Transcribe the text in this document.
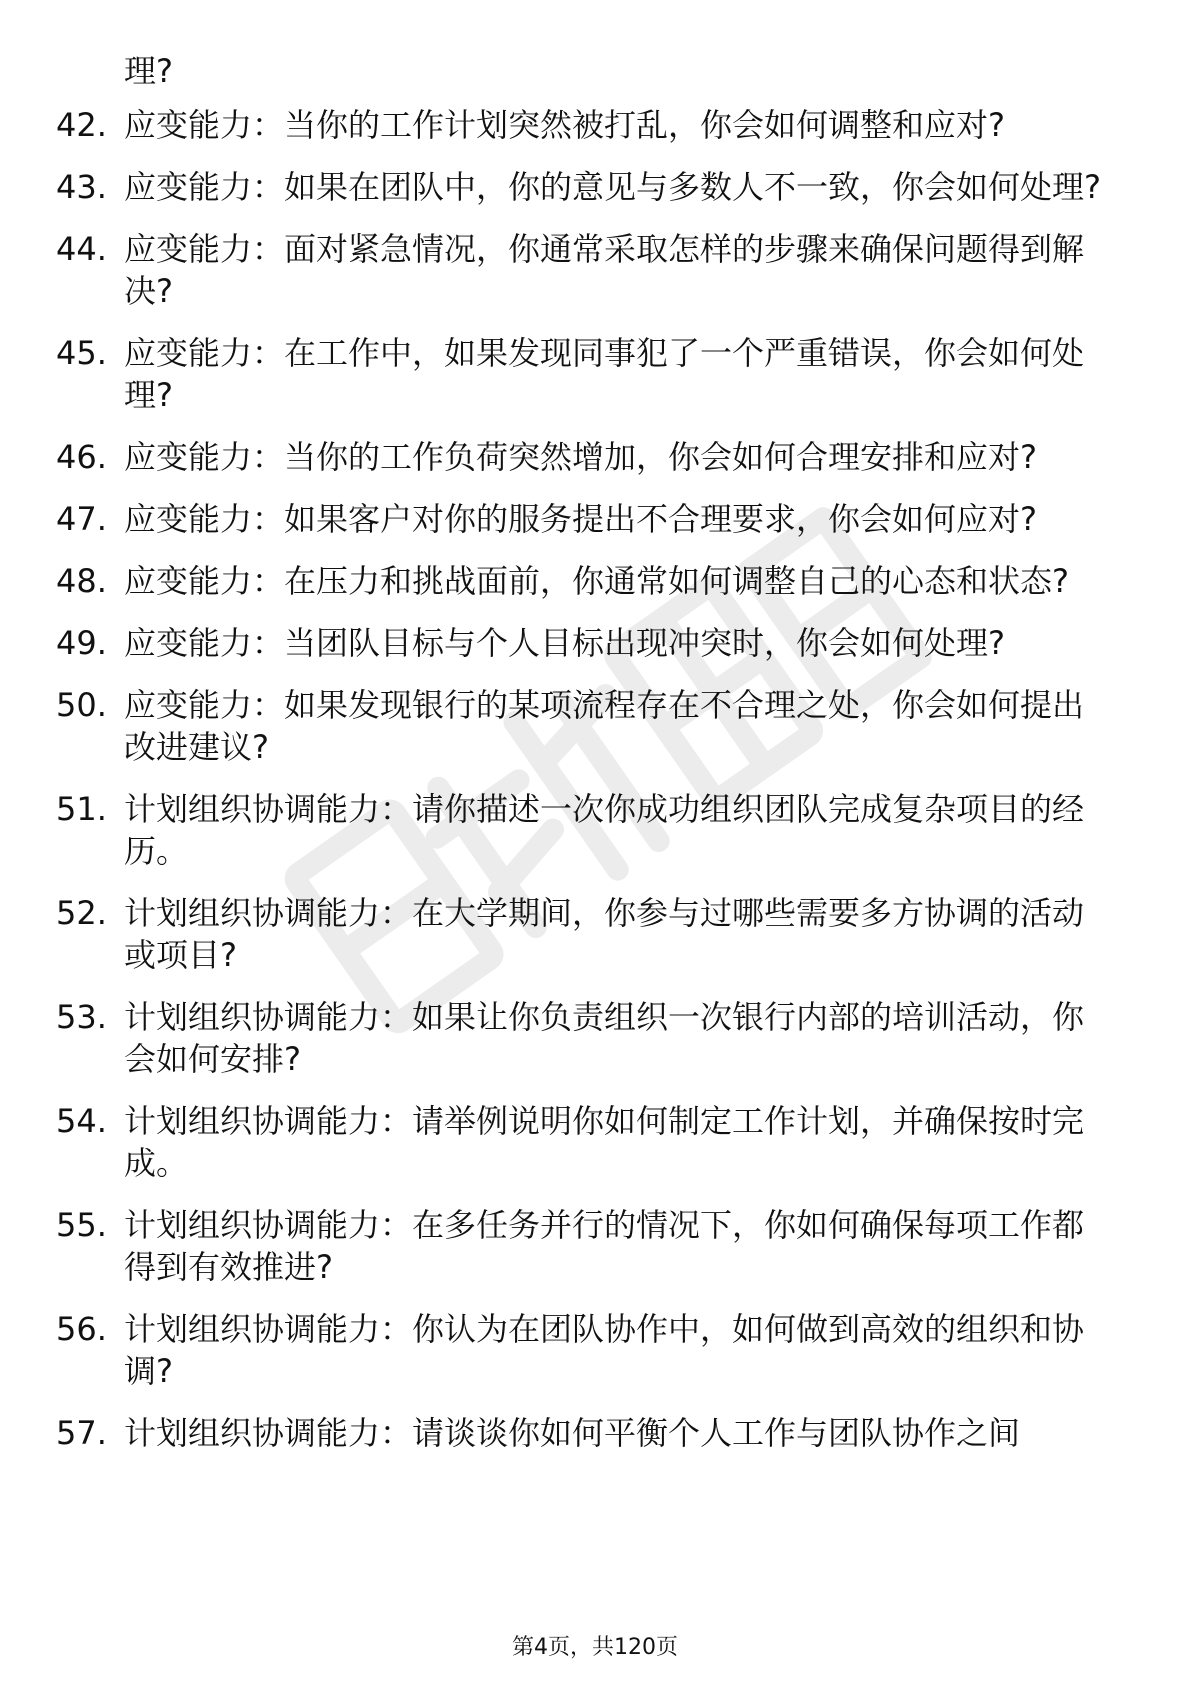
理?
42. 应变能力：当你的工作计划突然被打乱，你会如何调整和应对?
43. 应变能力：如果在团队中，你的意见与多数人不一致，你会如何处理?
44. 应变能力：面对紧急情况，你通常采取怎样的步骤来确保问题得到解决?
45. 应变能力：在工作中，如果发现同事犯了一个严重错误，你会如何处理?
46. 应变能力：当你的工作负荷突然增加，你会如何合理安排和应对?
47. 应变能力：如果客户对你的服务提出不合理要求，你会如何应对?
48. 应变能力：在压力和挑战面前，你通常如何调整自己的心态和状态?
49. 应变能力：当团队目标与个人目标出现冲突时，你会如何处理?
50. 应变能力：如果发现银行的某项流程存在不合理之处，你会如何提出改进建议?
51. 计划组织协调能力：请你描述一次你成功组织团队完成复杂项目的经历。
52. 计划组织协调能力：在大学期间，你参与过哪些需要多方协调的活动或项目?
53. 计划组织协调能力：如果让你负责组织一次银行内部的培训活动，你会如何安排?
54. 计划组织协调能力：请举例说明你如何制定工作计划，并确保按时完成。
55. 计划组织协调能力：在多任务并行的情况下，你如何确保每项工作都得到有效推进?
56. 计划组织协调能力：你认为在团队协作中，如何做到高效的组织和协调?
57. 计划组织协调能力：请谈谈你如何平衡个人工作与团队协作之间
第4页，共120页
